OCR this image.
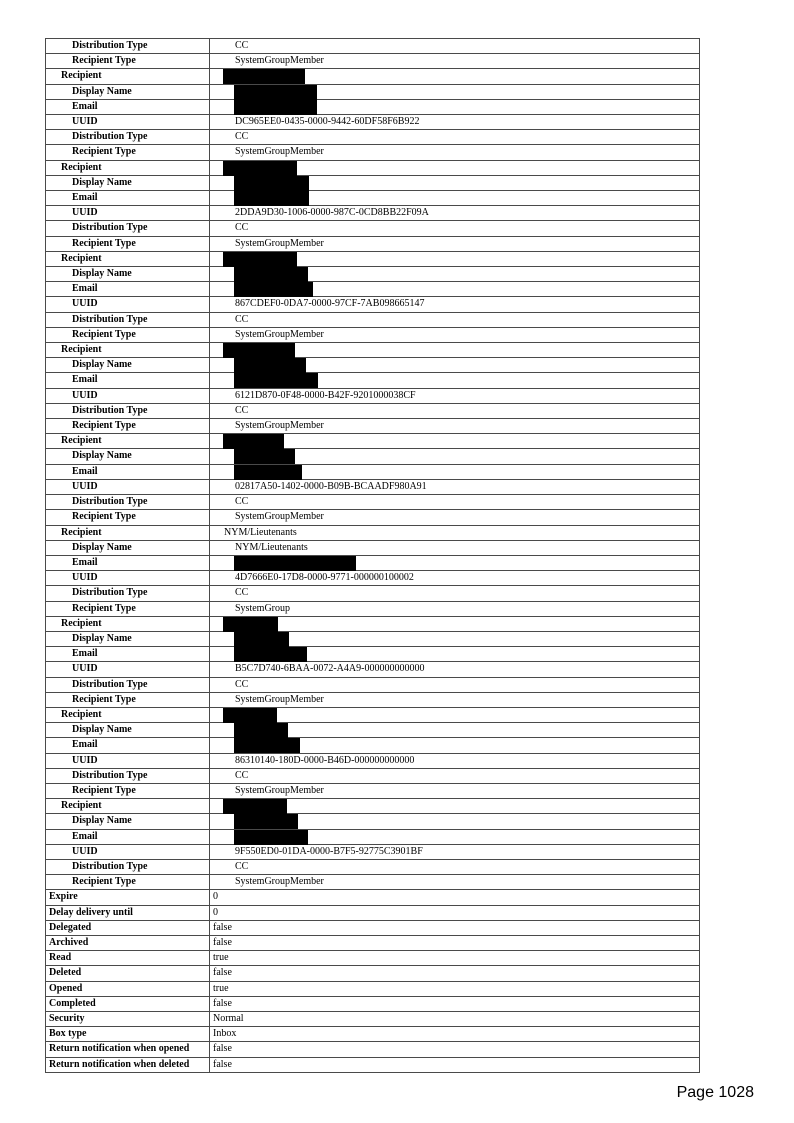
Distribution Type	CC
Recipient Type	SystemGroupMember
Recipient	

Display Name	

Email	

UUID	DC965EE0-0435-0000-9442-60DF58F6B922
Distribution Type	CC
Recipient Type	SystemGroupMember
Recipient	

Display Name	

Email	

UUID	2DDA9D30-1006-0000-987C-0CD8BB22F09A
Distribution Type	CC
Recipient Type	SystemGroupMember
Recipient	

Display Name	

Email	

UUID	867CDEF0-0DA7-0000-97CF-7AB098665147
Distribution Type	CC
Recipient Type	SystemGroupMember
Recipient	

Display Name	

Email	

UUID	6121D870-0F48-0000-B42F-9201000038CF
Distribution Type	CC
Recipient Type	SystemGroupMember
Recipient	

Display Name	

Email	

UUID	02817A50-1402-0000-B09B-BCAADF980A91
Distribution Type	CC
Recipient Type	SystemGroupMember
Recipient	NYM/Lieutenants
Display Name	NYM/Lieutenants
Email	

UUID	4D7666E0-17D8-0000-9771-000000100002
Distribution Type	CC
Recipient Type	SystemGroup
Recipient	

Display Name	

Email	

UUID	B5C7D740-6BAA-0072-A4A9-000000000000
Distribution Type	CC
Recipient Type	SystemGroupMember
Recipient	

Display Name	

Email	

UUID	86310140-180D-0000-B46D-000000000000
Distribution Type	CC
Recipient Type	SystemGroupMember
Recipient	

Display Name	

Email	

UUID	9F550ED0-01DA-0000-B7F5-92775C3901BF
Distribution Type	CC
Recipient Type	SystemGroupMember
Expire	0
Delay delivery until	0
Delegated	false
Archived	false
Read	true
Deleted	false
Opened	true
Completed	false
Security	Normal
Box type	Inbox
Return notification when opened	false
Return notification when deleted	false
Page 1028
